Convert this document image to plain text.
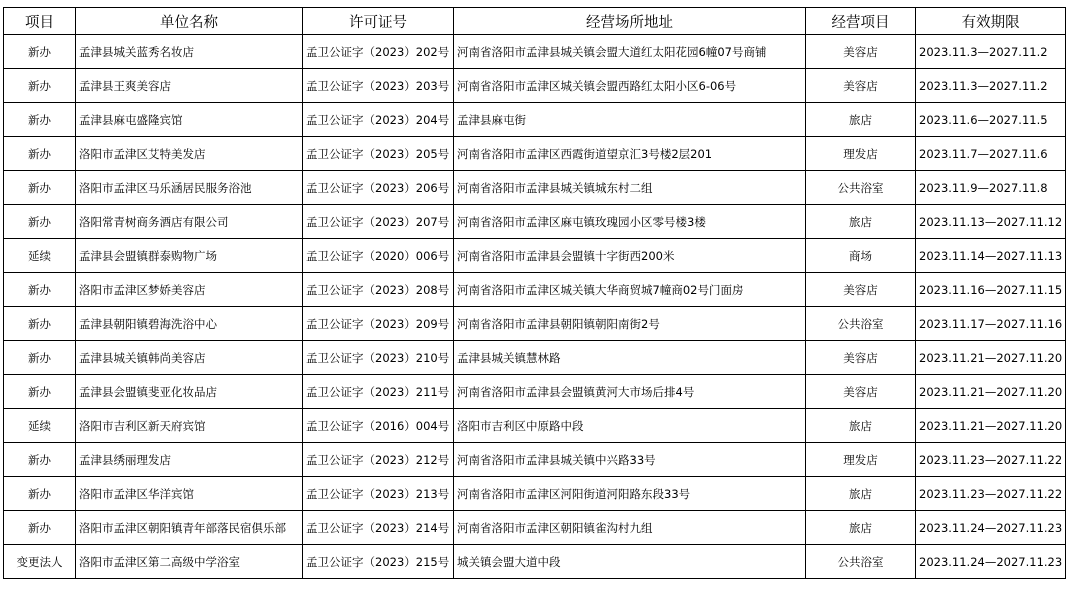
项目	单位名称	许可证号	经营场所地址	经营项目	有效期限
新办	孟津县城关蓝秀名妆店	孟卫公证字（2023）202号	河南省洛阳市孟津县城关镇会盟大道红太阳花园6幢07号商铺	美容店	2023.11.3—2027.11.2
新办	孟津县王爽美容店	孟卫公证字（2023）203号	河南省洛阳市孟津区城关镇会盟西路红太阳小区6-06号	美容店	2023.11.3—2027.11.2
新办	孟津县麻屯盛隆宾馆	孟卫公证字（2023）204号	孟津县麻屯街	旅店	2023.11.6—2027.11.5
新办	洛阳市孟津区艾特美发店	孟卫公证字（2023）205号	河南省洛阳市孟津区西霞街道望京汇3号楼2层201	理发店	2023.11.7—2027.11.6
新办	洛阳市孟津区马乐涵居民服务浴池	孟卫公证字（2023）206号	河南省洛阳市孟津县城关镇城东村二组	公共浴室	2023.11.9—2027.11.8
新办	洛阳常青树商务酒店有限公司	孟卫公证字（2023）207号	河南省洛阳市孟津区麻屯镇玫瑰园小区零号楼3楼	旅店	2023.11.13—2027.11.12
延续	孟津县会盟镇群泰购物广场	孟卫公证字（2020）006号	河南省洛阳市孟津县会盟镇十字街西200米	商场	2023.11.14—2027.11.13
新办	洛阳市孟津区梦娇美容店	孟卫公证字（2023）208号	河南省洛阳市孟津区城关镇大华商贸城7幢商02号门面房	美容店	2023.11.16—2027.11.15
新办	孟津县朝阳镇碧海洗浴中心	孟卫公证字（2023）209号	河南省洛阳市孟津县朝阳镇朝阳南街2号	公共浴室	2023.11.17—2027.11.16
新办	孟津县城关镇韩尚美容店	孟卫公证字（2023）210号	孟津县城关镇慧林路	美容店	2023.11.21—2027.11.20
新办	孟津县会盟镇斐亚化妆品店	孟卫公证字（2023）211号	河南省洛阳市孟津县会盟镇黄河大市场后排4号	美容店	2023.11.21—2027.11.20
延续	洛阳市吉利区新天府宾馆	孟卫公证字（2016）004号	洛阳市吉利区中原路中段	旅店	2023.11.21—2027.11.20
新办	孟津县绣丽理发店	孟卫公证字（2023）212号	河南省洛阳市孟津县城关镇中兴路33号	理发店	2023.11.23—2027.11.22
新办	洛阳市孟津区华洋宾馆	孟卫公证字（2023）213号	河南省洛阳市孟津区河阳街道河阳路东段33号	旅店	2023.11.23—2027.11.22
新办	洛阳市孟津区朝阳镇青年部落民宿俱乐部	孟卫公证字（2023）214号	河南省洛阳市孟津区朝阳镇雀沟村九组	旅店	2023.11.24—2027.11.23
变更法人	洛阳市孟津区第二高级中学浴室	孟卫公证字（2023）215号	城关镇会盟大道中段	公共浴室	2023.11.24—2027.11.23
